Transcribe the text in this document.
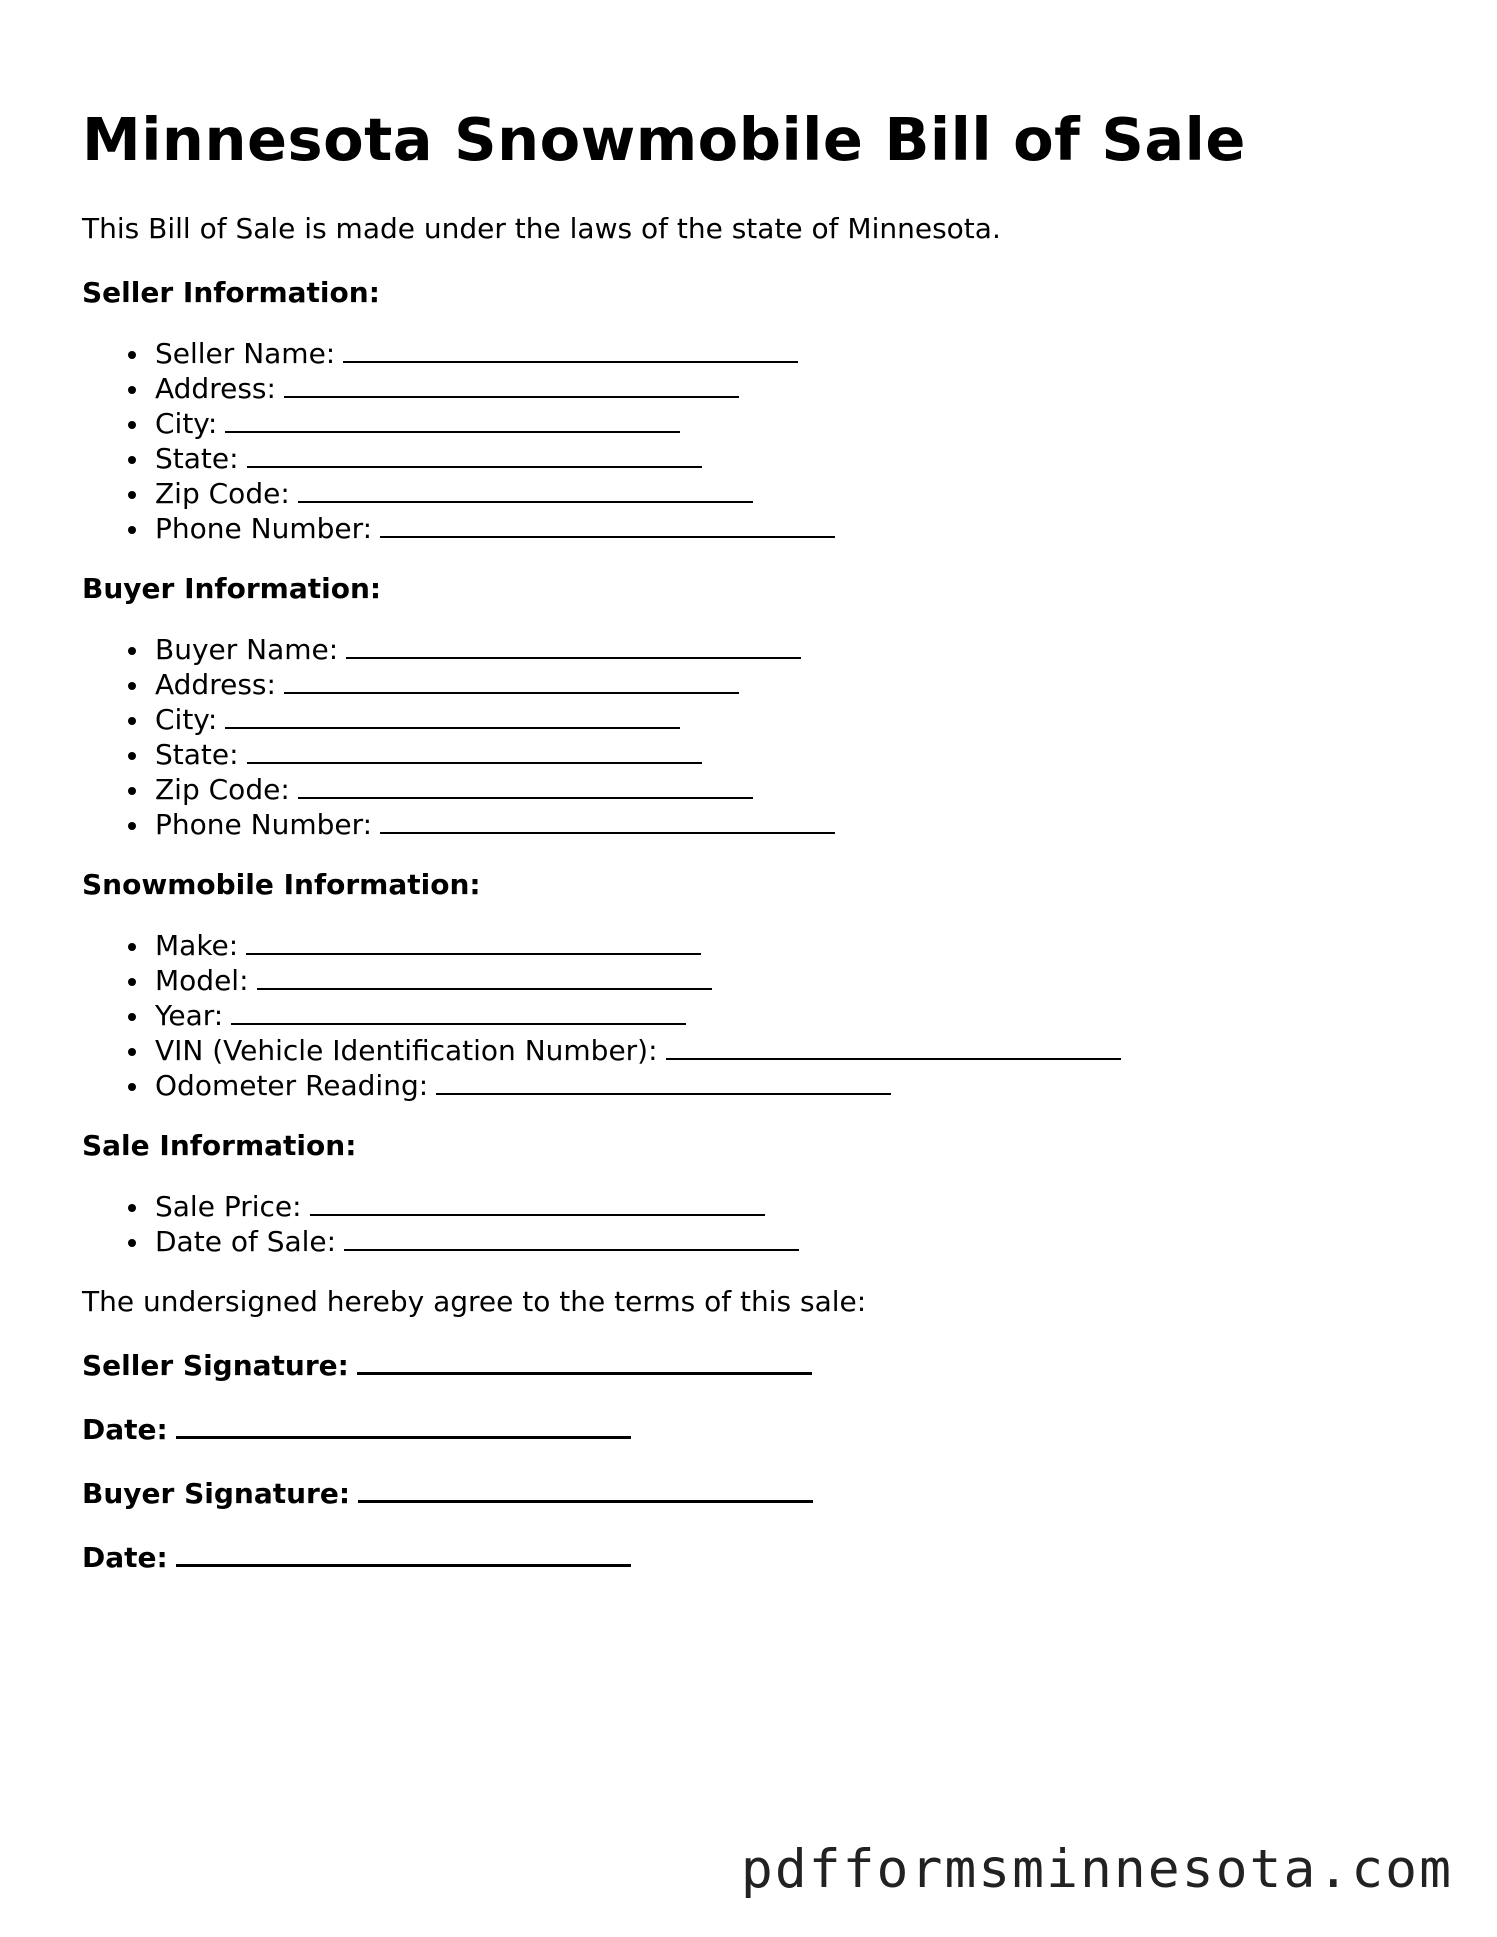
Minnesota Snowmobile Bill of Sale

This Bill of Sale is made under the laws of the state of Minnesota.

Seller Information:
Seller Name:
Address:
City:
State:
Zip Code:
Phone Number:
Buyer Information:
Buyer Name:
Address:
City:
State:
Zip Code:
Phone Number:
Snowmobile Information:
Make:
Model:
Year:
VIN (Vehicle Identification Number):
Odometer Reading:
Sale Information:
Sale Price:
Date of Sale:

The undersigned hereby agree to the terms of this sale:

Seller Signature:
Date:
Buyer Signature:
Date:
pdfformsminnesota.com
